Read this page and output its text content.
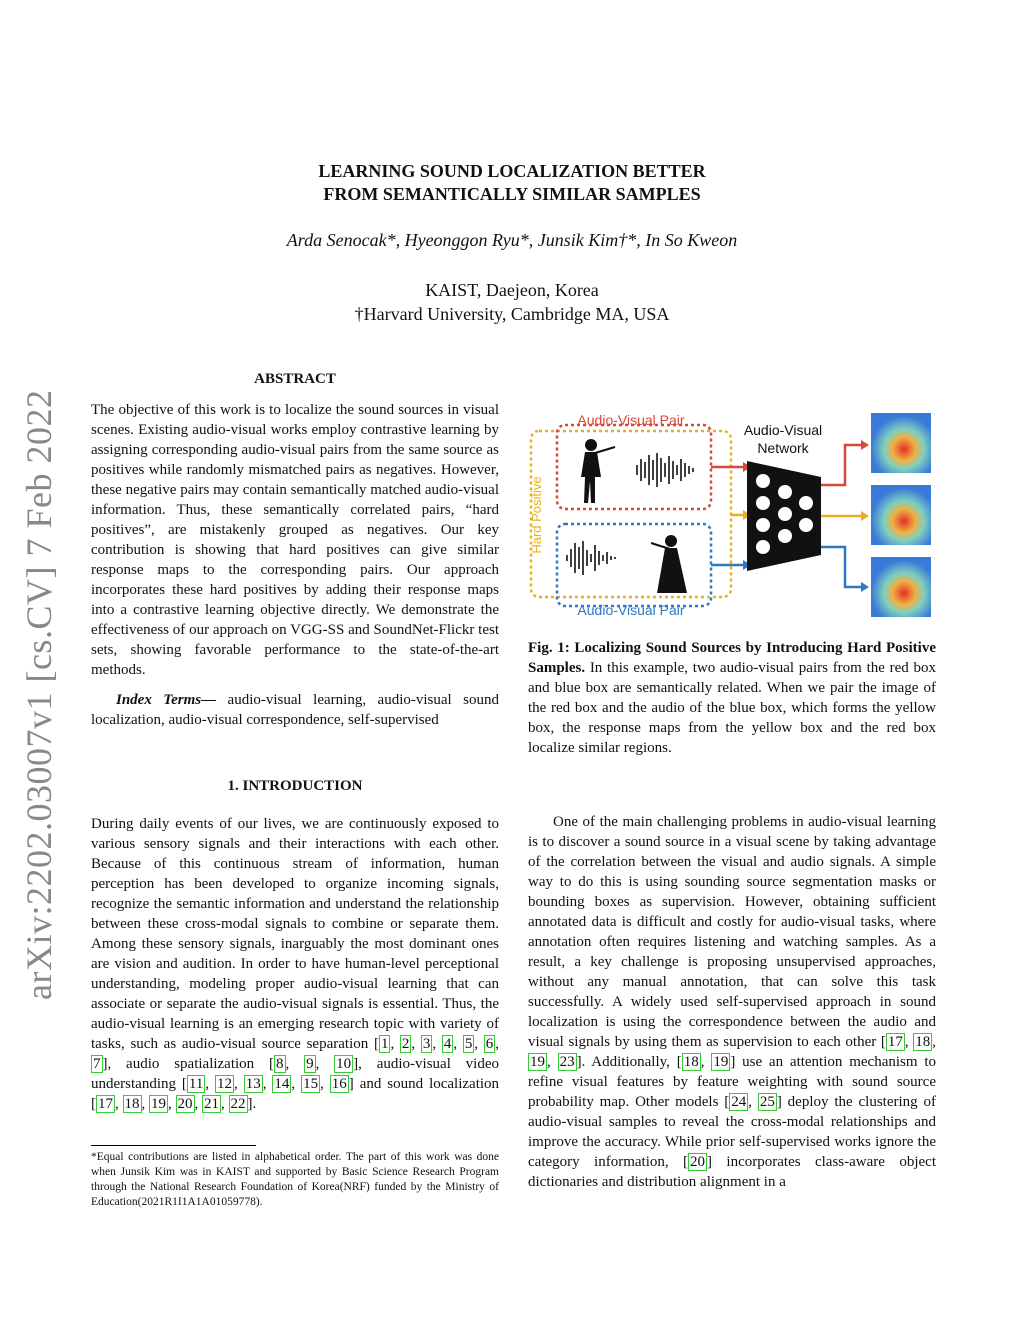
arXiv:2202.03007v1 [cs.CV] 7 Feb 2022
LEARNING SOUND LOCALIZATION BETTER
FROM SEMANTICALLY SIMILAR SAMPLES
Arda Senocak*, Hyeonggon Ryu*, Junsik Kim†*, In So Kweon
KAIST, Daejeon, Korea
†Harvard University, Cambridge MA, USA
ABSTRACT

The objective of this work is to localize the sound sources in visual scenes. Existing audio-visual works employ contrastive learning by assigning corresponding audio-visual pairs from the same source as positives while randomly mismatched pairs as negatives. However, these negative pairs may contain semantically matched audio-visual information. Thus, these semantically correlated pairs, “hard positives”, are mistakenly grouped as negatives. Our key contribution is showing that hard positives can give similar response maps to the corresponding pairs. Our approach incorporates these hard positives by adding their response maps into a contrastive learning objective directly. We demonstrate the effectiveness of our approach on VGG-SS and SoundNet-Flickr test sets, showing favorable performance to the state-of-the-art methods.

Index Terms— audio-visual learning, audio-visual sound localization, audio-visual correspondence, self-supervised

1. INTRODUCTION

During daily events of our lives, we are continuously exposed to various sensory signals and their interactions with each other. Because of this continuous stream of information, human perception has been developed to organize incoming signals, recognize the semantic information and understand the relationship between these cross-modal signals to combine or separate them. Among these sensory signals, inarguably the most dominant ones are vision and audition. In order to have human-level perceptional understanding, modeling proper audio-visual learning that can associate or separate the audio-visual signals is essential. Thus, the audio-visual learning is an emerging research topic with variety of tasks, such as audio-visual source separation [ 1 , 2 , 3 , 4 , 5 , 6 , 7 ], audio spatialization [ 8 , 9 , 10 ], audio-visual video understanding [ 11 , 12 , 13 , 14 , 15 , 16 ] and sound localization [ 17 , 18 , 19 , 20 , 21 , 22 ].

*Equal contributions are listed in alphabetical order. The part of this work was done when Junsik Kim was in KAIST and supported by Basic Science Research Program through the National Research Foundation of Korea(NRF) funded by the Ministry of Education(2021R1I1A1A01059778).
Audio-Visual Pair
Audio-Visual Pair
Hard Positive
Audio-Visual
Network
Fig. 1: Localizing Sound Sources by Introducing Hard Positive Samples. In this example, two audio-visual pairs from the red box and blue box are semantically related. When we pair the image of the red box and the audio of the blue box, which forms the yellow box, the response maps from the yellow box and the red box localize similar regions.

One of the main challenging problems in audio-visual learning is to discover a sound source in a visual scene by taking advantage of the correlation between the visual and audio signals. A simple way to do this is using sounding source segmentation masks or bounding boxes as supervision. However, obtaining sufficient annotated data is difficult and costly for audio-visual tasks, where annotation often requires listening and watching samples. As a result, a key challenge is proposing unsupervised approaches, without any manual annotation, that can solve this task successfully. A widely used self-supervised approach in sound localization is using the correspondence between the audio and visual signals by using them as supervision to each other [ 17 , 18 , 19 , 23 ]. Additionally, [ 18 , 19 ] use an attention mechanism to refine visual features by feature weighting with sound source probability map. Other models [ 24 , 25 ] deploy the clustering of audio-visual samples to reveal the cross-modal relationships and improve the accuracy. While prior self-supervised works ignore the category information, [ 20 ] incorporates class-aware object dictionaries and distribution alignment in a
